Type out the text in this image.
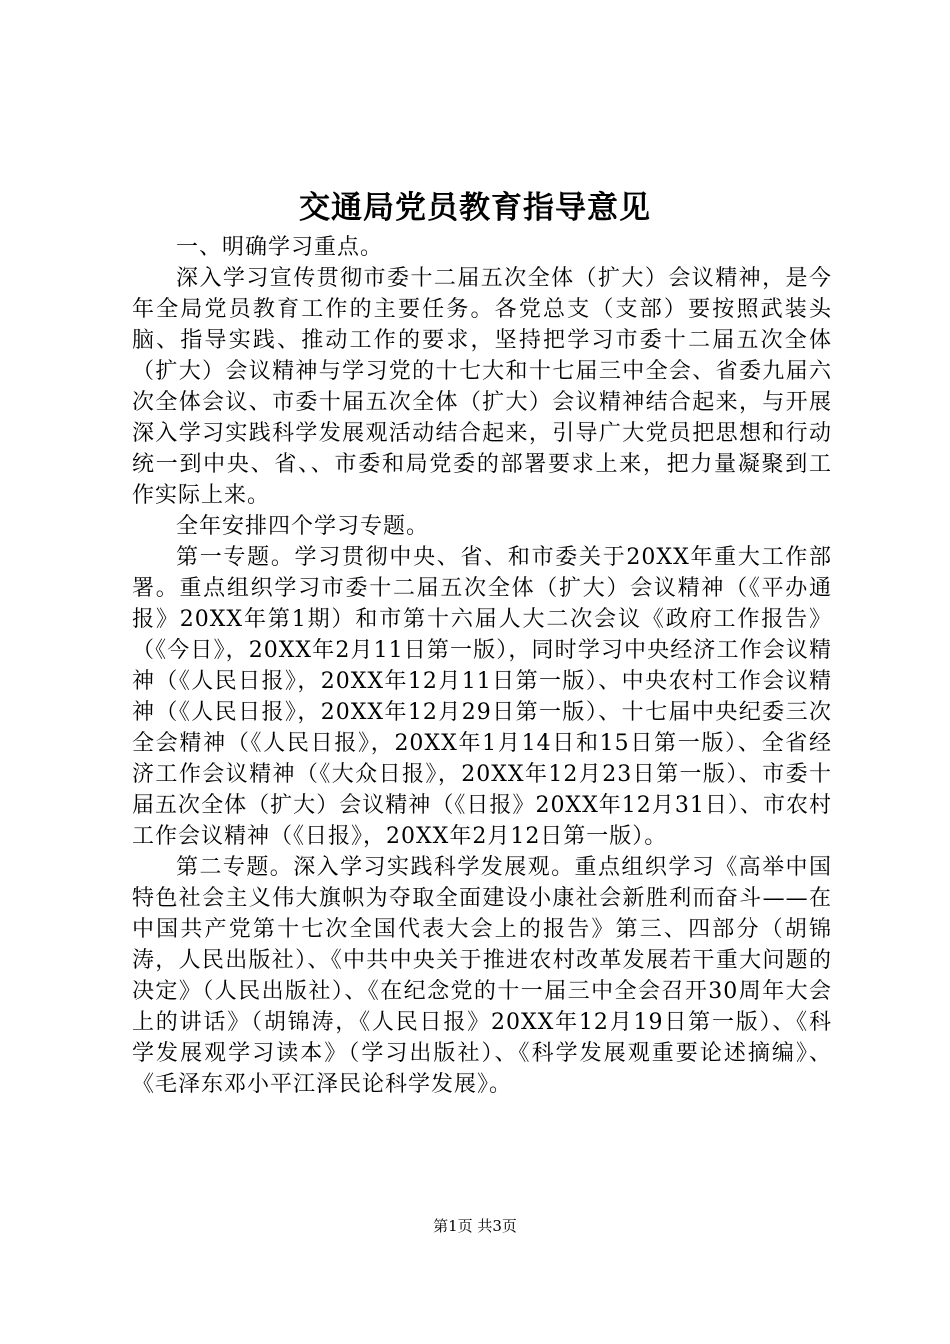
交通局党员教育指导意见

一、明确学习重点。

深入学习宣传贯彻市委十二届五次全体（扩大）会议精神，是今年全局党员教育工作的主要任务。各党总支（支部）要按照武装头脑、指导实践、推动工作的要求，坚持把学习市委十二届五次全体（扩大）会议精神与学习党的十七大和十七届三中全会、省委九届六次全体会议、市委十届五次全体（扩大）会议精神结合起来，与开展深入学习实践科学发展观活动结合起来，引导广大党员把思想和行动统一到中央、省、、市委和局党委的部署要求上来，把力量凝聚到工作实际上来。

全年安排四个学习专题。

第一专题。学习贯彻中央、省、和市委关于20XX年重大工作部署。重点组织学习市委十二届五次全体（扩大）会议精神（《平办通报》20XX年第1期）和市第十六届人大二次会议《政府工作报告》（《今日》，20XX年2月11日第一版），同时学习中央经济工作会议精神（《人民日报》，20XX年12月11日第一版）、中央农村工作会议精神（《人民日报》，20XX年12月29日第一版）、十七届中央纪委三次全会精神（《人民日报》，20XX年1月14日和15日第一版）、全省经济工作会议精神（《大众日报》，20XX年12月23日第一版）、市委十届五次全体（扩大）会议精神（《日报》20XX年12月31日）、市农村工作会议精神（《日报》，20XX年2月12日第一版）。

第二专题。深入学习实践科学发展观。重点组织学习《高举中国特色社会主义伟大旗帜为夺取全面建设小康社会新胜利而奋斗——在中国共产党第十七次全国代表大会上的报告》第三、四部分（胡锦涛，人民出版社）、《中共中央关于推进农村改革发展若干重大问题的决定》（人民出版社）、《在纪念党的十一届三中全会召开30周年大会上的讲话》（胡锦涛，《人民日报》20XX年12月19日第一版）、《科学发展观学习读本》（学习出版社）、《科学发展观重要论述摘编》、《毛泽东邓小平江泽民论科学发展》。

第1页 共3页
